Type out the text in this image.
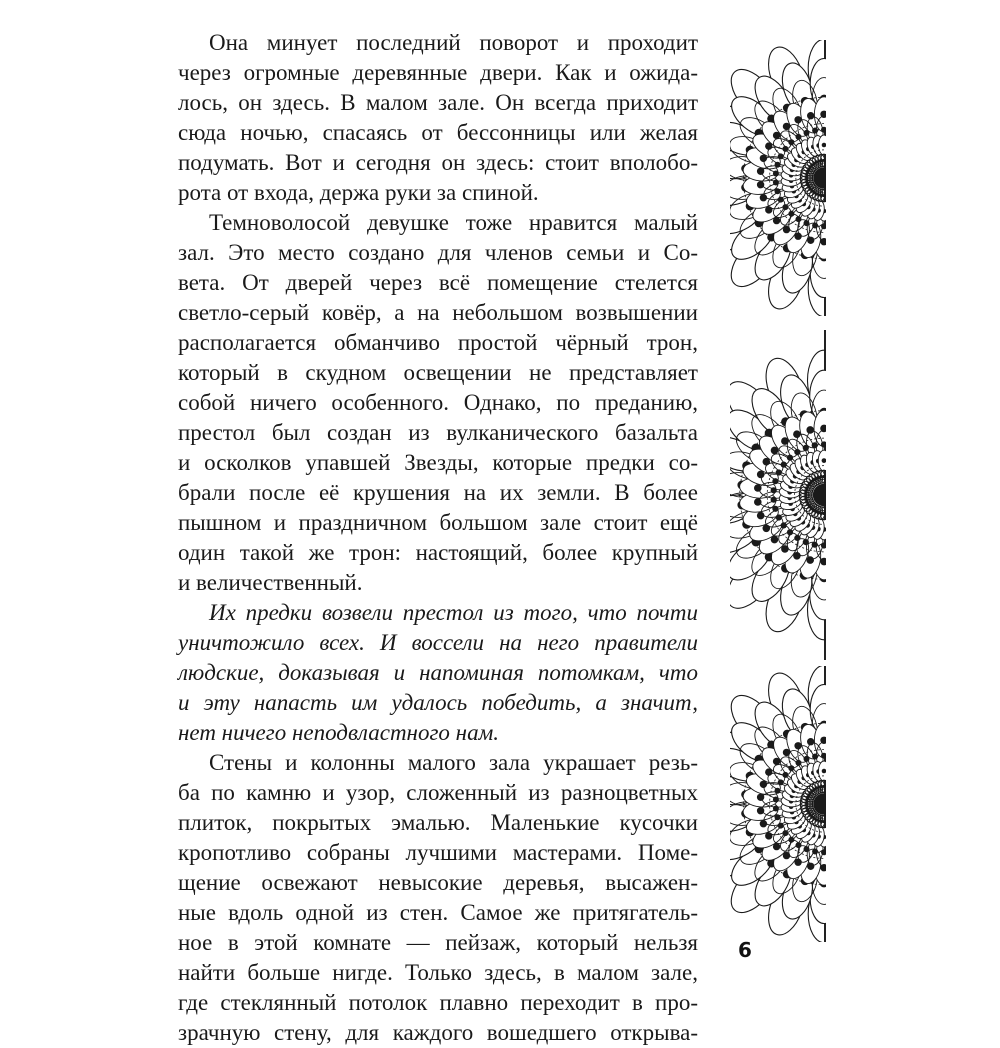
Она минует последний поворот и проходит
через огромные деревянные двери. Как и ожида-
лось, он здесь. В малом зале. Он всегда приходит
сюда ночью, спасаясь от бессонницы или желая
подумать. Вот и сегодня он здесь: стоит вполобо-
рота от входа, держа руки за спиной.
Темноволосой девушке тоже нравится малый
зал. Это место создано для членов семьи и Со-
вета. От дверей через всё помещение стелется
светло-серый ковёр, а на небольшом возвышении
располагается обманчиво простой чёрный трон,
который в скудном освещении не представляет
собой ничего особенного. Однако, по преданию,
престол был создан из вулканического базальта
и осколков упавшей Звезды, которые предки со-
брали после её крушения на их земли. В более
пышном и праздничном большом зале стоит ещё
один такой же трон: настоящий, более крупный
и величественный.
Их предки возвели престол из того, что почти
уничтожило всех. И воссели на него правители
людские, доказывая и напоминая потомкам, что
и эту напасть им удалось победить, а значит,
нет ничего неподвластного нам.
Стены и колонны малого зала украшает резь-
ба по камню и узор, сложенный из разноцветных
плиток, покрытых эмалью. Маленькие кусочки
кропотливо собраны лучшими мастерами. Поме-
щение освежают невысокие деревья, высажен-
ные вдоль одной из стен. Самое же притягатель-
ное в этой комнате — пейзаж, который нельзя
найти больше нигде. Только здесь, в малом зале,
где стеклянный потолок плавно переходит в про-
зрачную стену, для каждого вошедшего открыва-
6
